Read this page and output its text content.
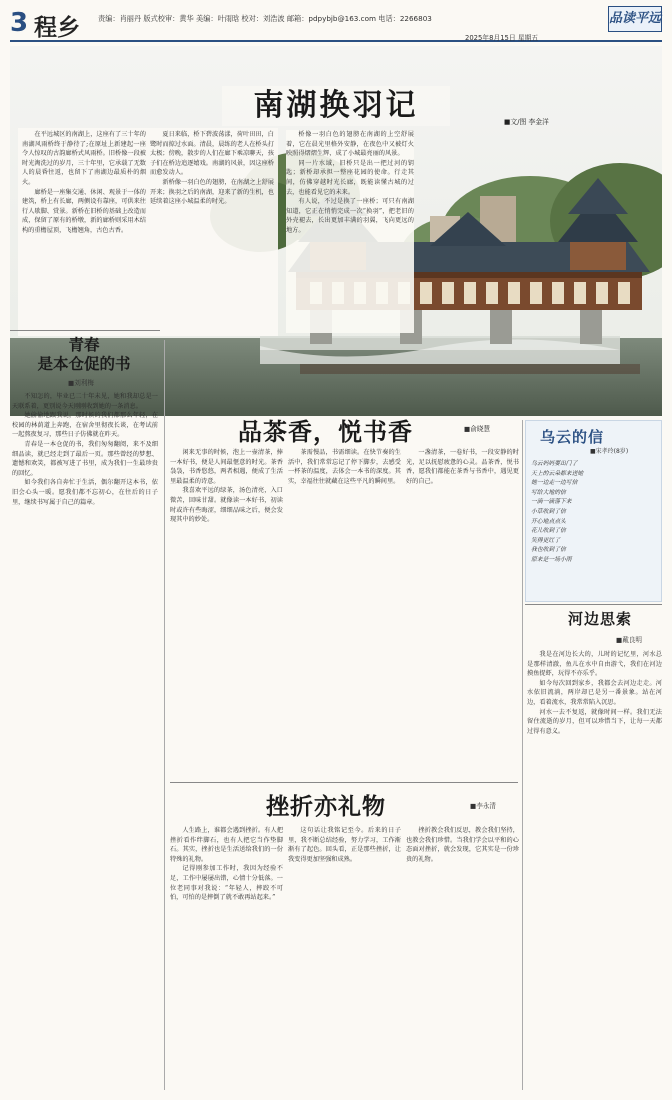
3 程乡	责编：肖丽丹 版式校审：黄华 美编：叶雨晗 校对：刘浩波 邮箱：pdpybjb@163.com 电话：2266803
2025年8月15日 星期五
品读平远
南湖换羽记	■文/图 李金洋

在平远城区的南湖上，这座有了三十年的南湖风雨桥终于静待了;在原址上新建起一座令人惊叹的古韵廊桥式风雨桥。旧桥像一段被时光淘洗过的岁月，三十年里，它承载了无数人的晨昏往返，也留下了南湖边最质朴的烟火。

廊桥是一座集交通、休闲、观景于一体的建筑，桥上有长廊，两侧设有靠座，可供来往行人歇脚、赏景。新桥在旧桥的基础上改造而成，保留了原有的桥墩，新的廊桥则采用木结构的重檐屋顶，飞檐翘角，古色古香。

夏日来临，桥下碧波荡漾，荷叶田田，白鹭时而掠过水面。清晨，晨练的老人在桥头打太极；傍晚，散步的人们在廊下乘凉聊天，孩子们在桥边追逐嬉戏。南湖的风景，因这座桥而愈发动人。

新桥像一羽白色的翅膀，在南湖之上舒展开来；换羽之后的南湖，迎来了新的生机，也延续着这座小城温柔的时光。

桥像一羽白色的翅膀在南湖的上空舒展着，它在晨光里格外安静，在夜色中又被灯火映照得熠熠生辉，成了小城最亮丽的风景。

同一片水域，旧桥只是出一把过河的钥匙；新桥却承担一整座花园的使命。行走其间，仿佛穿越时光长廊，既能读懂古城的过去，也能看见它的未来。

有人说，不过是换了一座桥；可只有南湖知道，它正在悄悄完成一次“换羽”，把老旧的外壳褪去，长出更加丰满的羽翼，飞向更远的地方。

青春
是本仓促的书
■刘利梅

不知怎的，毕业已二十年未见，她和我却总是一天联系着，更别说今天刚刚收到她的一条消息。

她偷偷地跟我说，那时候的我们都那么年轻，在校园的林荫道上奔跑，在宿舍里彻夜长谈，在考试前一起熬夜复习，那些日子仿佛就在昨天。

青春是一本仓促的书，我们匆匆翻阅，来不及细细品读，就已经走到了最后一页。那些曾经的梦想、遗憾和欢笑，都被写进了书里，成为我们一生最珍贵的回忆。

如今我们各自奔忙于生活，偶尔翻开这本书，依旧会心头一暖。愿我们都不忘初心，在往后的日子里，继续书写属于自己的篇章。

品茶香，悦书香	■俞晓慧

闲来无事的时候，泡上一壶清茶，捧一本好书，便是人间最惬意的时光。茶香袅袅，书香悠悠，两者相遇，便成了生活里最温柔的诗意。

我喜欢平远的绿茶，汤色清亮，入口微苦，回味甘甜。就像读一本好书，初读时或许有些晦涩，细细品味之后，便会发现其中的妙处。

茶需慢品，书需细读。在快节奏的生活中，我们常常忘记了停下脚步，去感受一杯茶的温度，去体会一本书的深度。其实，幸福往往就藏在这些平凡的瞬间里。

一盏清茶，一卷好书，一段安静的时光，足以抚慰疲惫的心灵。品茶香，悦书香，愿我们都能在茶香与书香中，遇见更好的自己。

乌云的信
■宋孝玲(8岁)
乌云妈妈要出门了
天上的云朵都来送她
她一边走一边写信
写给大地的信
一滴一滴落下来
小草收到了信
开心地点点头
花儿收到了信
笑得更红了
我也收到了信
原来是一场小雨
河边思索
■戴良明

我是在河边长大的，儿时的记忆里，河水总是那样清澈，鱼儿在水中自由游弋，我们在河边摸鱼捉虾，玩得不亦乐乎。

如今每次回到家乡，我都会去河边走走。河水依旧流淌，两岸却已是另一番景象。站在河边，看着流水，我常常陷入沉思。

河水一去不复返，就像时间一样。我们无法留住流逝的岁月，但可以珍惜当下，让每一天都过得有意义。

挫折亦礼物	■李永清

人生路上，谁都会遇到挫折。有人把挫折看作绊脚石，也有人把它当作垫脚石。其实，挫折也是生活送给我们的一份特殊的礼物。

记得刚参加工作时，我因为经验不足，工作中屡屡出错，心情十分低落。一位老同事对我说：“年轻人，摔跤不可怕，可怕的是摔倒了就不敢再站起来。”

这句话让我铭记至今。后来的日子里，我不断总结经验，努力学习，工作渐渐有了起色。回头看，正是那些挫折，让我变得更加坚强和成熟。

挫折教会我们反思，教会我们坚持，也教会我们珍惜。当我们学会以平和的心态面对挫折，就会发现，它其实是一份珍贵的礼物。
